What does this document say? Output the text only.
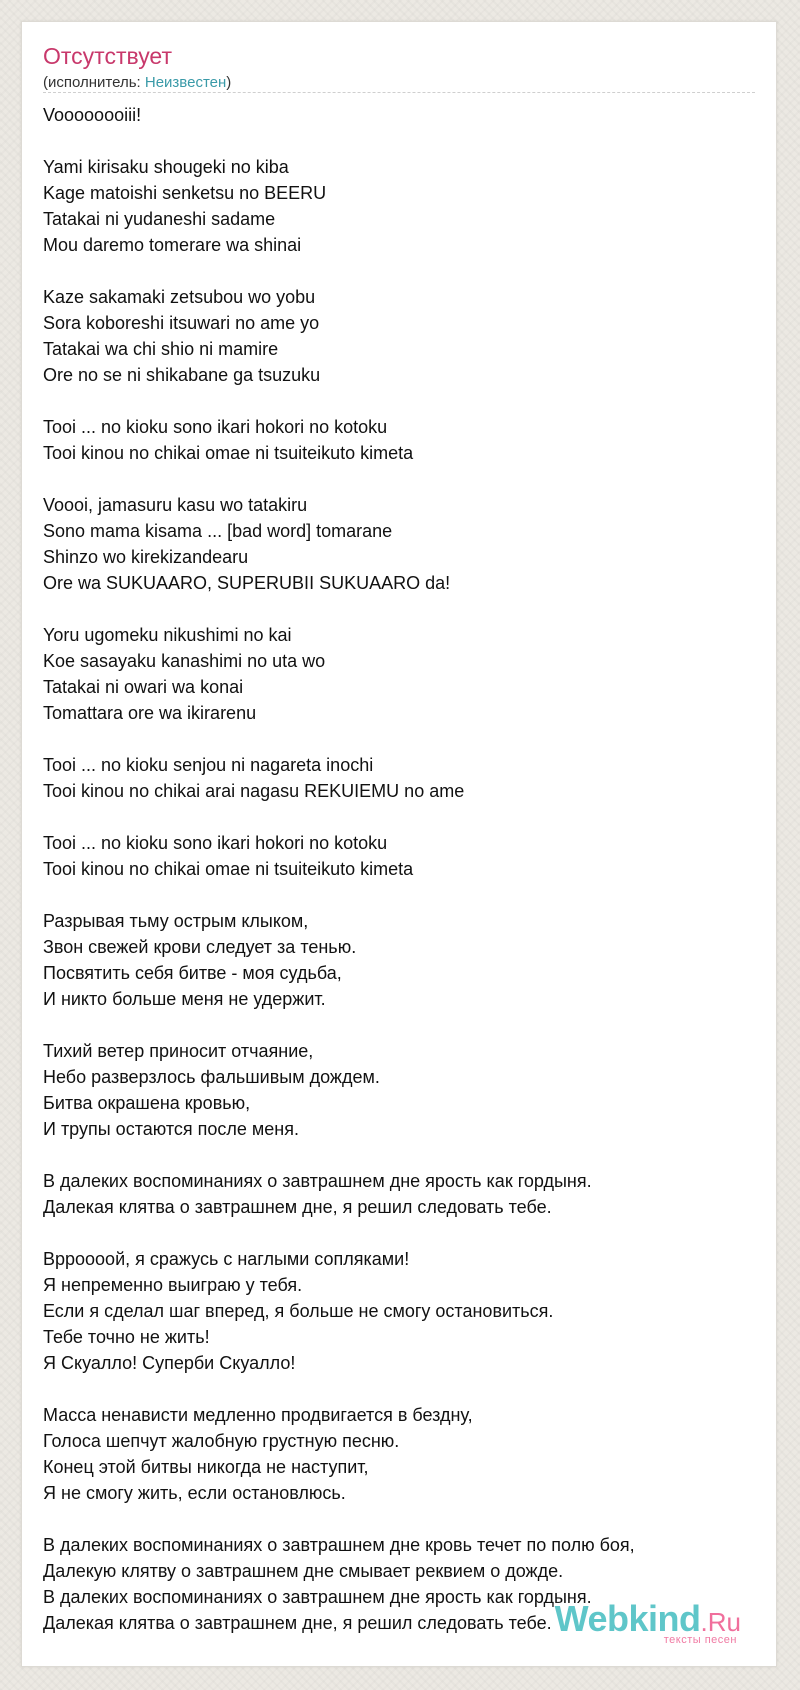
Отсутствует
(исполнитель: Неизвестен)
Voooooooiii!
Yami kirisaku shougeki no kiba
Kage matoishi senketsu no BEERU
Tatakai ni yudaneshi sadame
Mou daremo tomerare wa shinai
Kaze sakamaki zetsubou wo yobu
Sora koboreshi itsuwari no ame yo
Tatakai wa chi shio ni mamire
Ore no se ni shikabane ga tsuzuku
Tooi ... no kioku sono ikari hokori no kotoku
Tooi kinou no chikai omae ni tsuiteikuto kimeta
Voooi, jamasuru kasu wo tatakiru
Sono mama kisama ... [bad word] tomarane
Shinzo wo kirekizandearu
Ore wa SUKUAARO, SUPERUBII SUKUAARO da!
Yoru ugomeku nikushimi no kai
Koe sasayaku kanashimi no uta wo
Tatakai ni owari wa konai
Tomattara ore wa ikirarenu
Tooi ... no kioku senjou ni nagareta inochi
Tooi kinou no chikai arai nagasu REKUIEMU no ame
Tooi ... no kioku sono ikari hokori no kotoku
Tooi kinou no chikai omae ni tsuiteikuto kimeta
Разрывая тьму острым клыком,
Звон свежей крови следует за тенью.
Посвятить себя битве - моя судьба,
И никто больше меня не удержит.
Тихий ветер приносит отчаяние,
Небо разверзлось фальшивым дождем.
Битва окрашена кровью,
И трупы остаются после меня.
В далеких воспоминаниях о завтрашнем дне ярость как гордыня.
Далекая клятва о завтрашнем дне, я решил следовать тебе.
Врроооой, я сражусь с наглыми сопляками!
Я непременно выиграю у тебя.
Если я сделал шаг вперед, я больше не смогу остановиться.
Тебе точно не жить!
Я Скуалло! Суперби Скуалло!
Масса ненависти медленно продвигается в бездну,
Голоса шепчут жалобную грустную песню.
Конец этой битвы никогда не наступит,
Я не смогу жить, если остановлюсь.
В далеких воспоминаниях о завтрашнем дне кровь течет по полю боя,
Далекую клятву о завтрашнем дне смывает реквием о дожде.
В далеких воспоминаниях о завтрашнем дне ярость как гордыня.
Далекая клятва о завтрашнем дне, я решил следовать тебе. Webkind.Ru
тексты песен
